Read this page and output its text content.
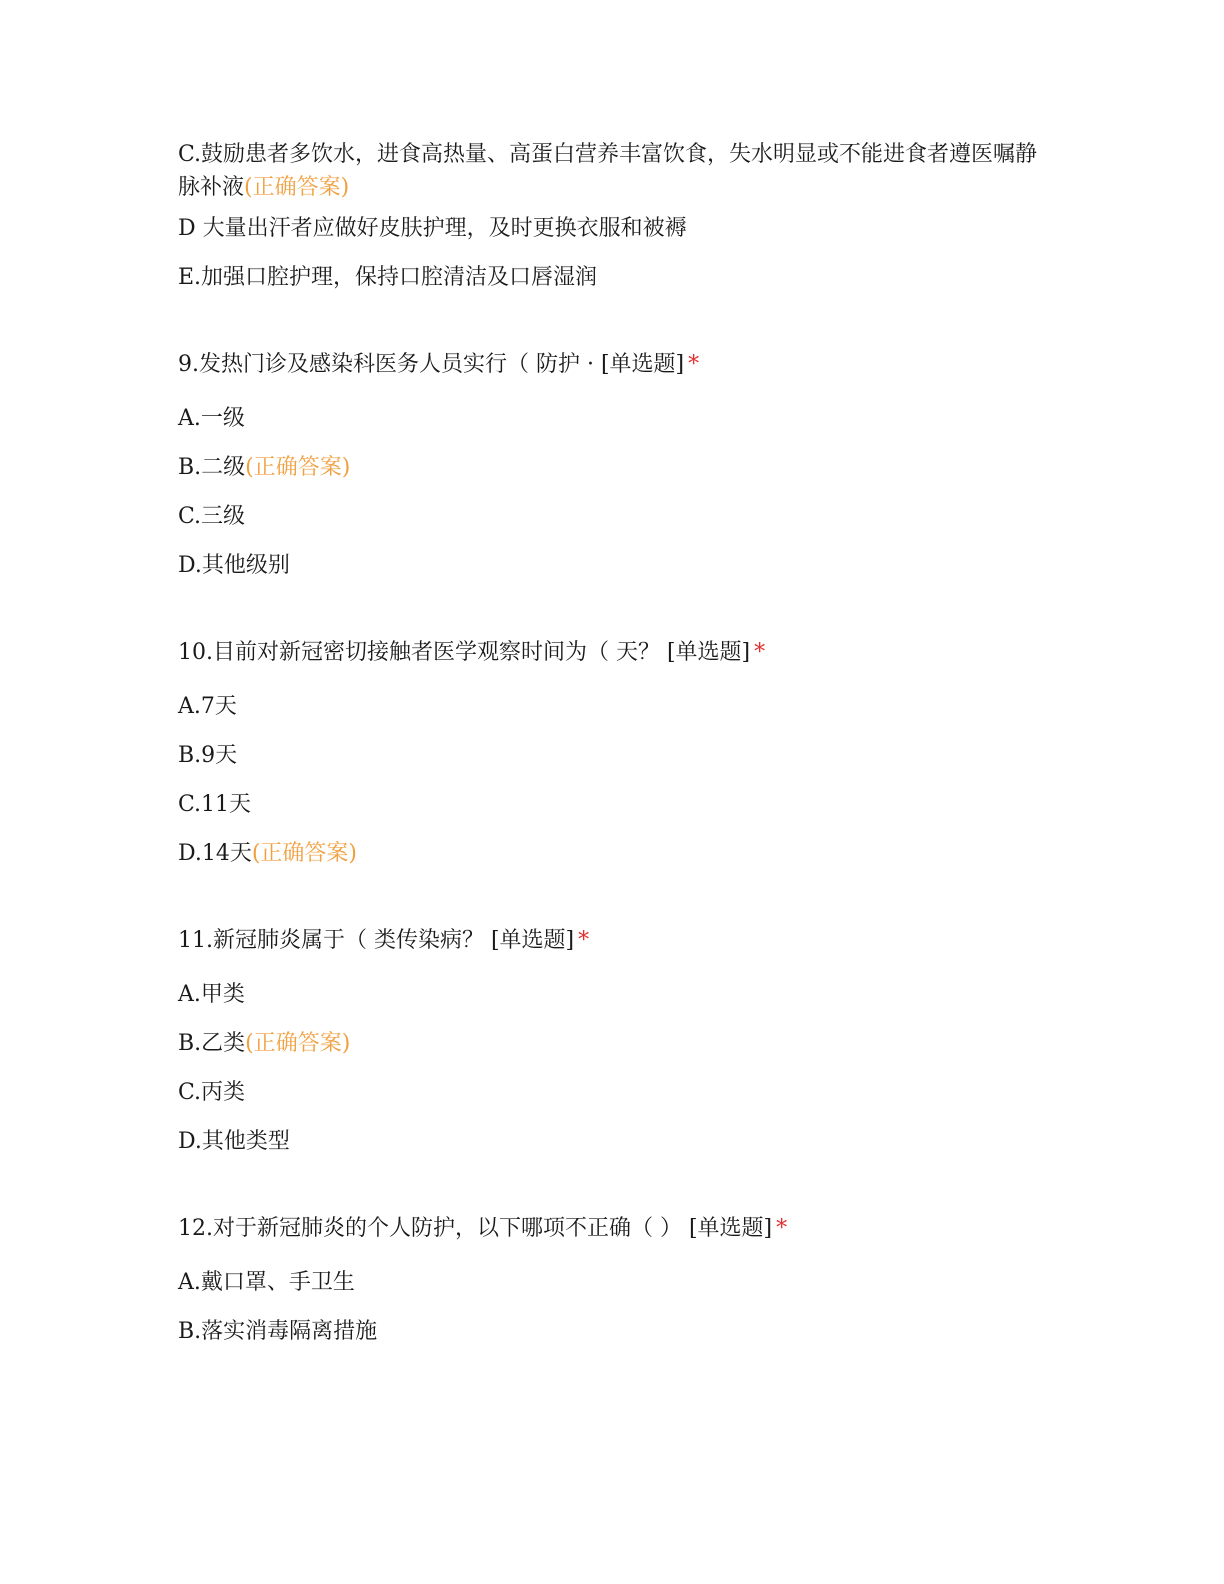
C.鼓励患者多饮水，进食高热量、高蛋白营养丰富饮食，失水明显或不能进食者遵医嘱静脉补液(正确答案)

D 大量出汗者应做好皮肤护理，及时更换衣服和被褥

E.加强口腔护理，保持口腔清洁及口唇湿润

9.发热门诊及感染科医务人员实行（ 防护 · [单选题] *

A.一级

B.二级(正确答案)

C.三级

D.其他级别

10.目前对新冠密切接触者医学观察时间为（ 天？ [单选题] *

A.7天

B.9天

C.11天

D.14天(正确答案)

11.新冠肺炎属于（ 类传染病？ [单选题] *

A.甲类

B.乙类(正确答案)

C.丙类

D.其他类型

12.对于新冠肺炎的个人防护，以下哪项不正确（ ） [单选题] *

A.戴口罩、手卫生

B.落实消毒隔离措施
